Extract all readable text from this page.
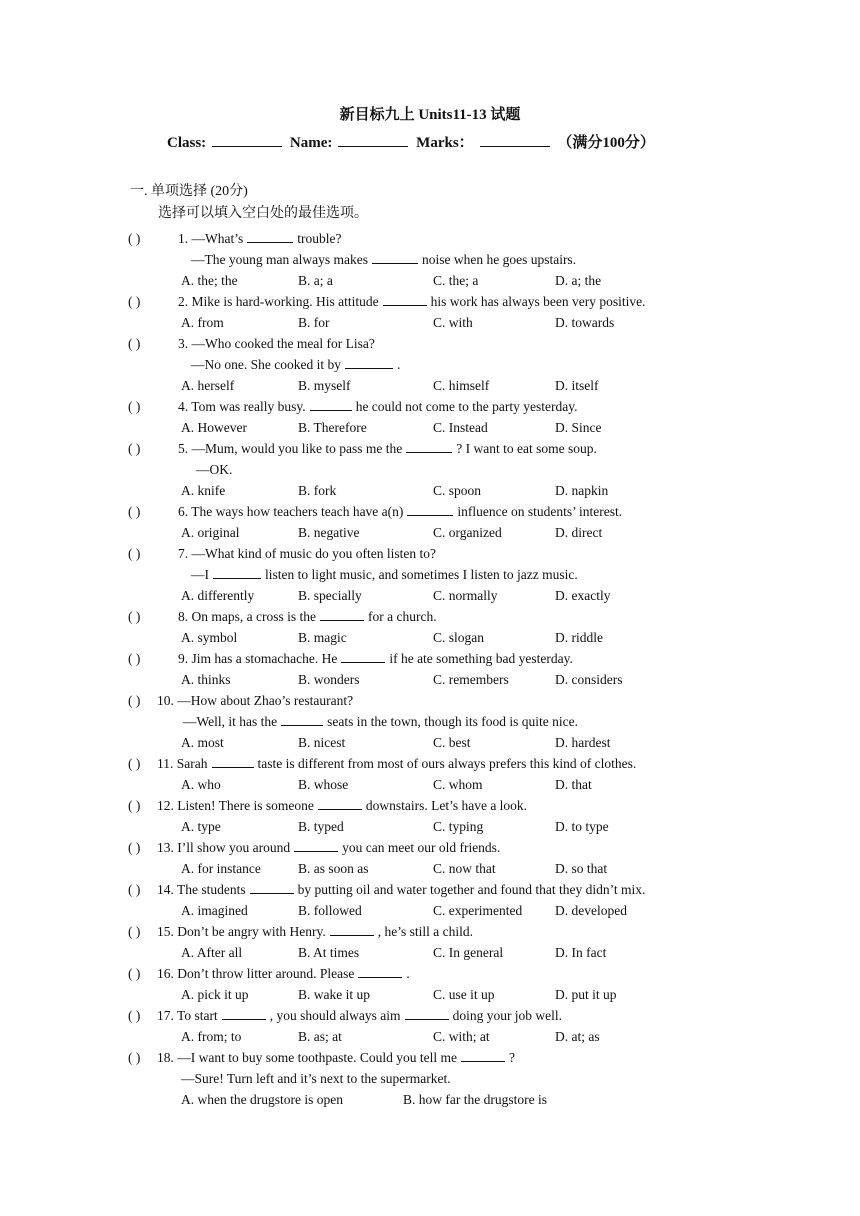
新目标九上 Units11-13 试题
Class:	Name:	Marks：	（满分100分）
一. 单项选择 (20分)
选择可以填入空白处的最佳选项。
( )	1. —What’s	trouble?
—The young man always makes	noise when he goes upstairs.
A. the; the	B. a; a	C. the; a	D. a; the
( )	2. Mike is hard-working. His attitude	his work has always been very positive.
A. from	B. for	C. with	D. towards
( )	3. —Who cooked the meal for Lisa?
—No one. She cooked it by	.
A. herself	B. myself	C. himself	D. itself
( )	4. Tom was really busy.	he could not come to the party yesterday.
A. However	B. Therefore	C. Instead	D. Since
( )	5. —Mum, would you like to pass me the	? I want to eat some soup.
—OK.
A. knife	B. fork	C. spoon	D. napkin
( )	6. The ways how teachers teach have a(n)	influence on students’ interest.
A. original	B. negative	C. organized	D. direct
( )	7. —What kind of music do you often listen to?
—I	listen to light music, and sometimes I listen to jazz music.
A. differently	B. specially	C. normally	D. exactly
( )	8. On maps, a cross is the	for a church.
A. symbol	B. magic	C. slogan	D. riddle
( )	9. Jim has a stomachache. He	if he ate something bad yesterday.
A. thinks	B. wonders	C. remembers	D. considers
( ) 10. —How about Zhao’s restaurant?
—Well, it has the	seats in the town, though its food is quite nice.
A. most	B. nicest	C. best	D. hardest
( ) 11. Sarah	taste is different from most of ours always prefers this kind of clothes.
A. who	B. whose	C. whom	D. that
( ) 12. Listen! There is someone	downstairs. Let’s have a look.
A. type	B. typed	C. typing	D. to type
( ) 13. I’ll show you around	you can meet our old friends.
A. for instance	B. as soon as	C. now that	D. so that
( ) 14. The students	by putting oil and water together and found that they didn’t mix.
A. imagined	B. followed	C. experimented D. developed
( ) 15. Don’t be angry with Henry.	, he’s still a child.
A. After all	B. At times	C. In general	D. In fact
( ) 16. Don’t throw litter around. Please	.
A. pick it up	B. wake it up	C. use it up	D. put it up
( ) 17. To start	, you should always aim	doing your job well.
A. from; to	B. as; at	C. with; at	D. at; as
( ) 18. —I want to buy some toothpaste. Could you tell me	?
—Sure! Turn left and it’s next to the supermarket.
A. when the drugstore is open	B. how far the drugstore is
